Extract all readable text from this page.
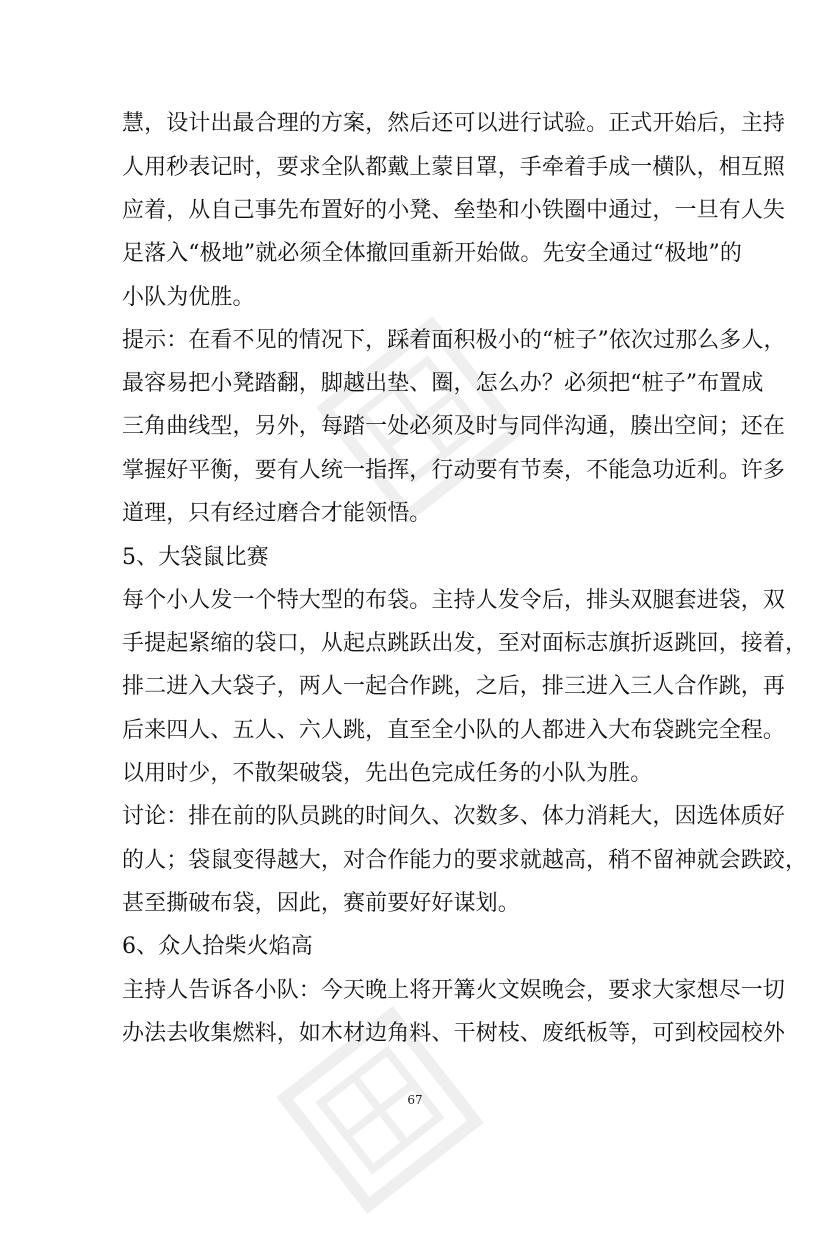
慧，设计出最合理的方案，然后还可以进行试验。正式开始后，主持
人用秒表记时，要求全队都戴上蒙目罩，手牵着手成一横队，相互照
应着，从自己事先布置好的小凳、垒垫和小铁圈中通过，一旦有人失
足落入“极地”就必须全体撤回重新开始做。先安全通过“极地”的
小队为优胜。
提示：在看不见的情况下，踩着面积极小的“桩子”依次过那么多人，
最容易把小凳踏翻，脚越出垫、圈，怎么办？必须把“桩子”布置成
三角曲线型，另外，每踏一处必须及时与同伴沟通，腠出空间；还在
掌握好平衡，要有人统一指挥，行动要有节奏，不能急功近利。许多
道理，只有经过磨合才能领悟。
5、大袋鼠比赛
每个小人发一个特大型的布袋。主持人发令后，排头双腿套进袋，双
手提起紧缩的袋口，从起点跳跃出发，至对面标志旗折返跳回，接着，
排二进入大袋子，两人一起合作跳，之后，排三进入三人合作跳，再
后来四人、五人、六人跳，直至全小队的人都进入大布袋跳完全程。
以用时少，不散架破袋，先出色完成任务的小队为胜。
讨论：排在前的队员跳的时间久、次数多、体力消耗大，因选体质好
的人；袋鼠变得越大，对合作能力的要求就越高，稍不留神就会跌跤，
甚至撕破布袋，因此，赛前要好好谋划。
6、众人拾柴火焰高
主持人告诉各小队：今天晚上将开篝火文娱晚会，要求大家想尽一切
办法去收集燃料，如木材边角料、干树枝、废纸板等，可到校园校外
67
